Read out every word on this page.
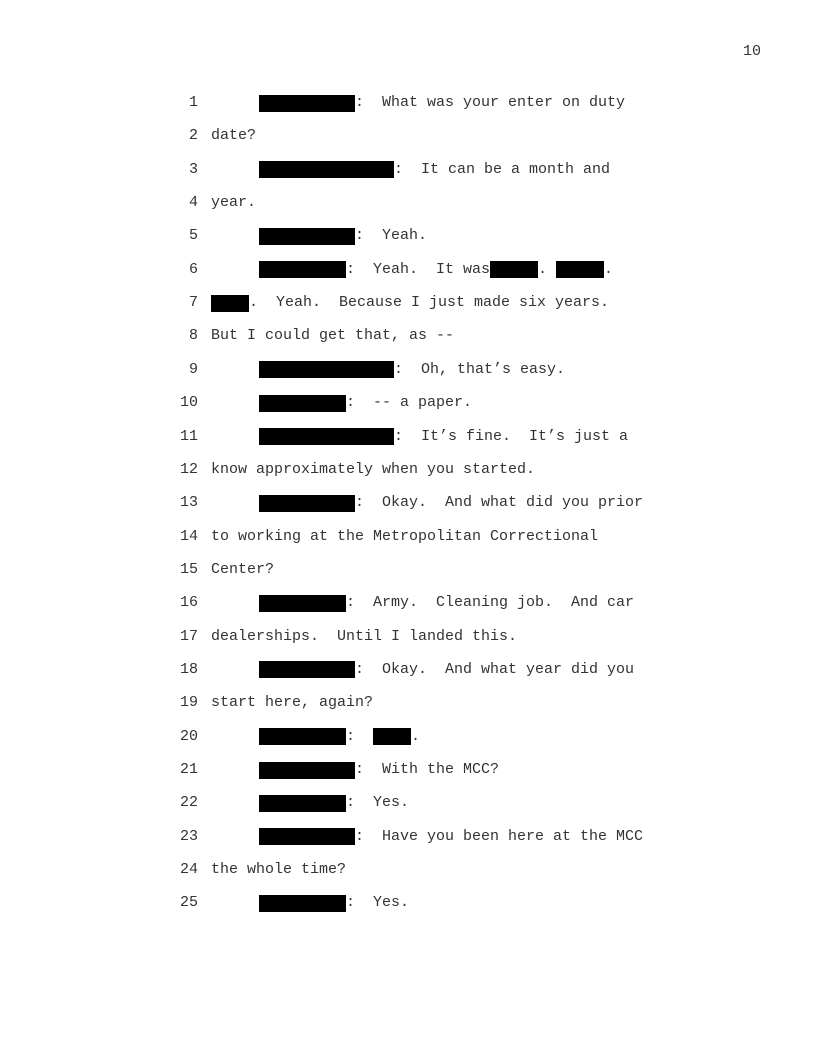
10
1	:  What was your enter on duty
2 date?
3	:  It can be a month and
4 year.
5	:  Yeah.
6	:  Yeah.  It was	.	.
7	.  Yeah.  Because I just made six years.
8 But I could get that, as --
9	:  Oh, that’s easy.
10	:  -- a paper.
11	:  It’s fine.  It’s just a
12 know approximately when you started.
13	:  Okay.  And what did you prior
14 to working at the Metropolitan Correctional
15 Center?
16	:  Army.  Cleaning job.  And car
17 dealerships.  Until I landed this.
18	:  Okay.  And what year did you
19 start here, again?
20	:	.
21	:  With the MCC?
22	:  Yes.
23	:  Have you been here at the MCC
24 the whole time?
25	:  Yes.
